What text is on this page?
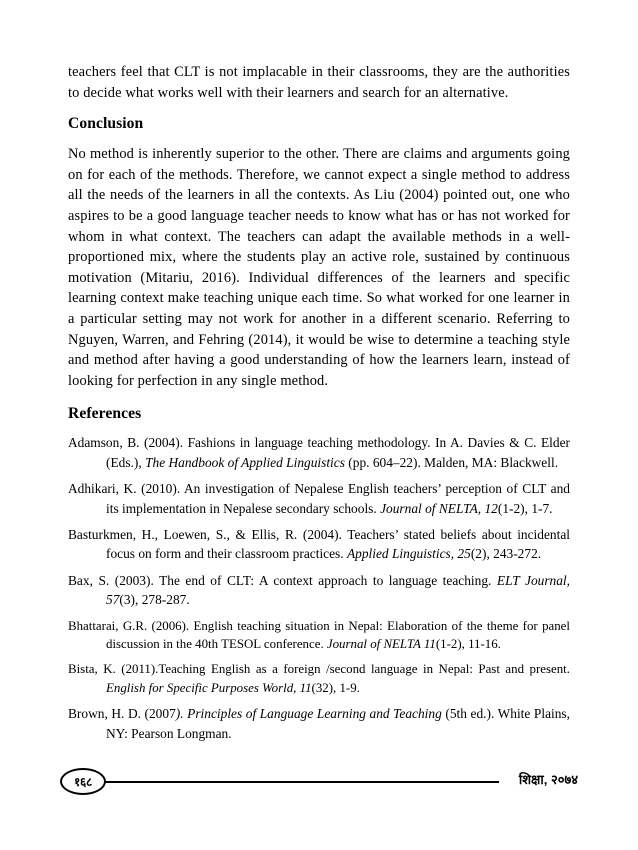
teachers feel that CLT is not implacable in their classrooms, they are the authorities to decide what works well with their learners and search for an alternative.

Conclusion

No method is inherently superior to the other. There are claims and arguments going on for each of the methods. Therefore, we cannot expect a single method to address all the needs of the learners in all the contexts. As Liu (2004) pointed out, one who aspires to be a good language teacher needs to know what has or has not worked for whom in what context. The teachers can adapt the available methods in a well-proportioned mix, where the students play an active role, sustained by continuous motivation (Mitariu, 2016). Individual differences of the learners and specific learning context make teaching unique each time. So what worked for one learner in a particular setting may not work for another in a different scenario. Referring to Nguyen, Warren, and Fehring (2014), it would be wise to determine a teaching style and method after having a good understanding of how the learners learn, instead of looking for perfection in any single method.

References
Adamson, B. (2004). Fashions in language teaching methodology. In A. Davies & C. Elder (Eds.), The Handbook of Applied Linguistics (pp. 604–22). Malden, MA: Blackwell.
Adhikari, K. (2010). An investigation of Nepalese English teachers’ perception of CLT and its implementation in Nepalese secondary schools. Journal of NELTA, 12(1-2), 1-7.
Basturkmen, H., Loewen, S., & Ellis, R. (2004). Teachers’ stated beliefs about incidental focus on form and their classroom practices. Applied Linguistics, 25(2), 243-272.
Bax, S. (2003). The end of CLT: A context approach to language teaching. ELT Journal, 57(3), 278-287.
Bhattarai, G.R. (2006). English teaching situation in Nepal: Elaboration of the theme for panel discussion in the 40th TESOL conference. Journal of NELTA 11(1-2), 11-16.
Bista, K. (2011).Teaching English as a foreign /second language in Nepal: Past and present. English for Specific Purposes World, 11(32), 1-9.
Brown, H. D. (2007). Principles of Language Learning and Teaching (5th ed.). White Plains, NY: Pearson Longman.
१६८	शिक्षा, २०७४
